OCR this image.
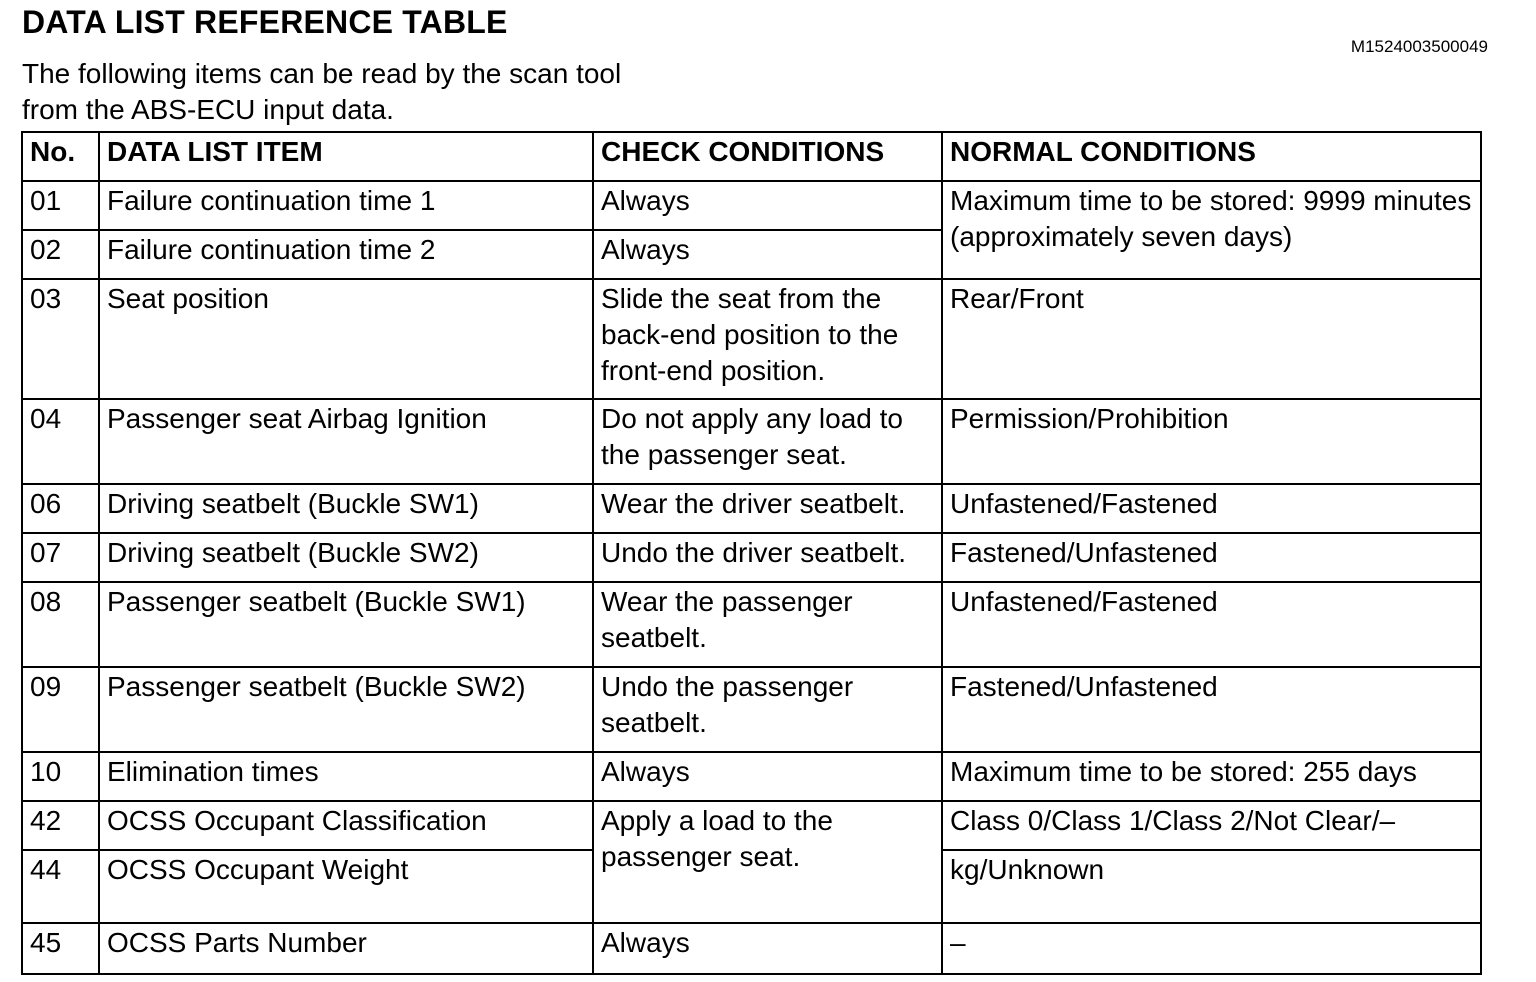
DATA LIST REFERENCE TABLE
M1524003500049

The following items can be read by the scan tool
from the ABS-ECU input data.

No.	DATA LIST ITEM	CHECK CONDITIONS	NORMAL CONDITIONS
01	Failure continuation time 1	Always	Maximum time to be stored: 9999 minutes (approximately seven days)
02	Failure continuation time 2	Always	
03	Seat position	Slide the seat from the back-end position to the front-end position.	Rear/Front
04	Passenger seat Airbag Ignition	Do not apply any load to the passenger seat.	Permission/Prohibition
06	Driving seatbelt (Buckle SW1)	Wear the driver seatbelt.	Unfastened/Fastened
07	Driving seatbelt (Buckle SW2)	Undo the driver seatbelt.	Fastened/Unfastened
08	Passenger seatbelt (Buckle SW1)	Wear the passenger seatbelt.	Unfastened/Fastened
09	Passenger seatbelt (Buckle SW2)	Undo the passenger seatbelt.	Fastened/Unfastened
10	Elimination times	Always	Maximum time to be stored: 255 days
42	OCSS Occupant Classification	Apply a load to the passenger seat.	Class 0/Class 1/Class 2/Not Clear/–
44	OCSS Occupant Weight		kg/Unknown
45	OCSS Parts Number	Always	–
